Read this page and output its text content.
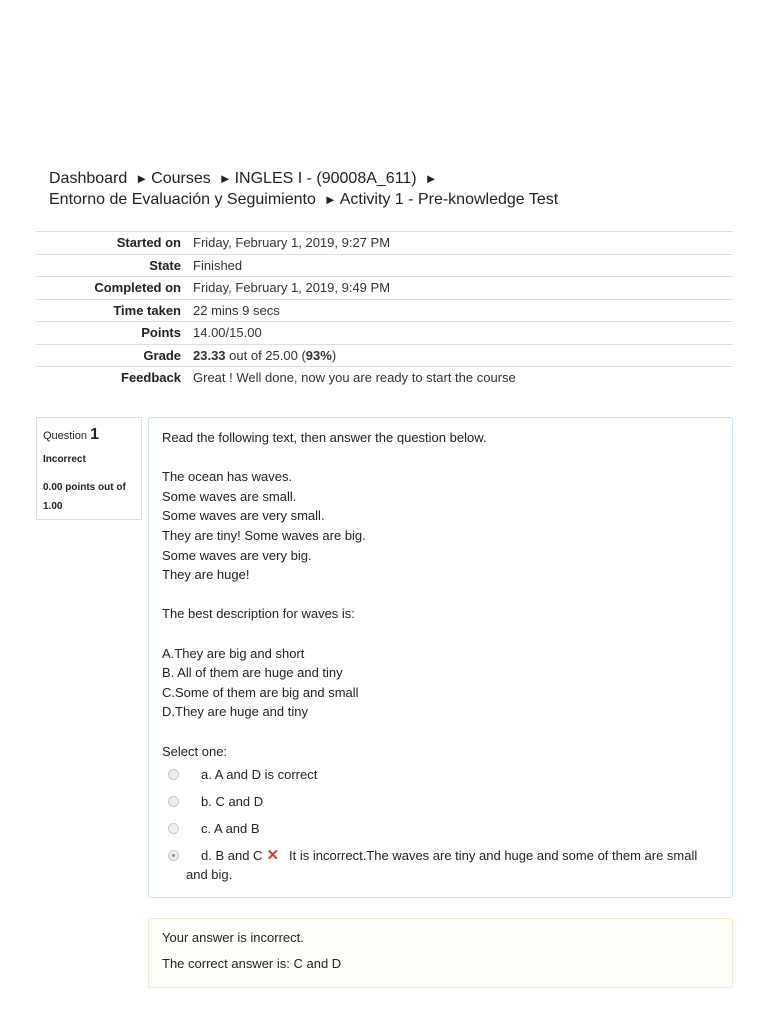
Dashboard ► Courses ► INGLES I - (90008A_611) ►
Entorno de Evaluación y Seguimiento ► Activity 1 - Pre-knowledge Test
Started on	Friday, February 1, 2019, 9:27 PM
State	Finished
Completed on	Friday, February 1, 2019, 9:49 PM
Time taken	22 mins 9 secs
Points	14.00/15.00
Grade	23.33 out of 25.00 (93%)
Feedback	Great ! Well done, now you are ready to start the course
Question 1
Incorrect
0.00 points out of 1.00

Read the following text, then answer the question below.

The ocean has waves.

Some waves are small.

Some waves are very small.

They are tiny! Some waves are big.

Some waves are very big.

They are huge!

The best description for waves is:

A.They are big and short

B. All of them are huge and tiny

C.Some of them are big and small

D.They are huge and tiny

Select one:

a. A and D is correct
b. C and D
c. A and B
d. B and C ✕ It is incorrect.The waves are tiny and huge and some of them are small and big.

Your answer is incorrect.

The correct answer is: C and D
